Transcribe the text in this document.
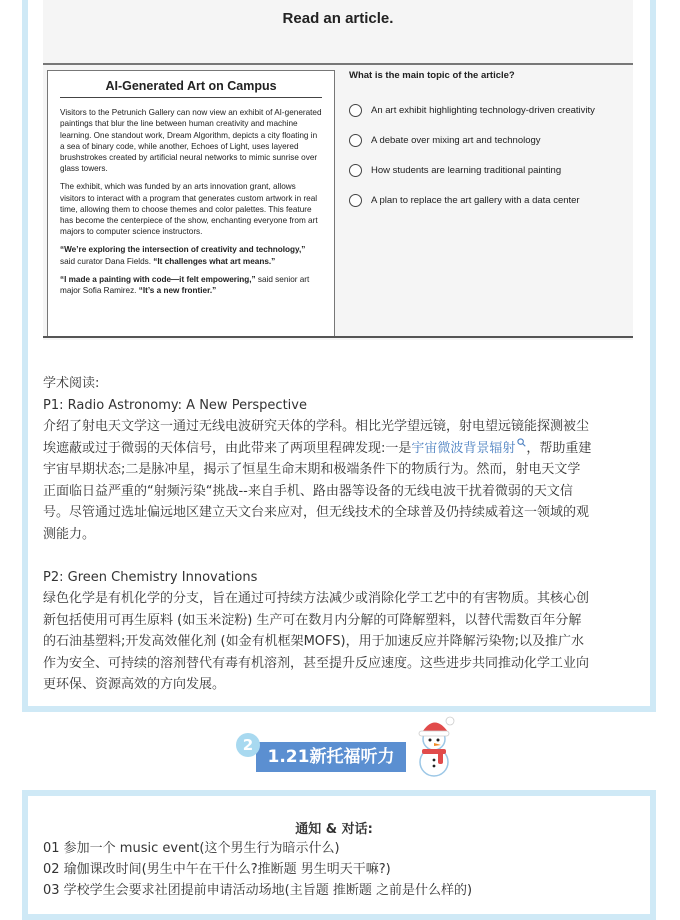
Read an article.
AI-Generated Art on Campus

Visitors to the Petrunich Gallery can now view an exhibit of AI-generated paintings that blur the line between human creativity and machine learning. One standout work, Dream Algorithm, depicts a city floating in a sea of binary code, while another, Echoes of Light, uses layered brushstrokes created by artificial neural networks to mimic sunrise over glass towers.

The exhibit, which was funded by an arts innovation grant, allows visitors to interact with a program that generates custom artwork in real time, allowing them to choose themes and color palettes. This feature has become the centerpiece of the show, enchanting everyone from art majors to computer science instructors.

“We’re exploring the intersection of creativity and technology,” said curator Dana Fields. “It challenges what art means.”

“I made a painting with code—it felt empowering,” said senior art major Sofia Ramirez. “It’s a new frontier.”

What is the main topic of the article?
An art exhibit highlighting technology-driven creativity
A debate over mixing art and technology
How students are learning traditional painting
A plan to replace the art gallery with a data center
学术阅读:
P1: Radio Astronomy: A New Perspective
介绍了射电天文学这一通过无线电波研究天体的学科。相比光学望远镜，射电望远镜能探测被尘
埃遮蔽或过于微弱的天体信号，由此带来了两项里程碑发现:一是宇宙微波背景辐射 ，帮助重建
宇宙早期状态;二是脉冲星，揭示了恒星生命末期和极端条件下的物质行为。然而，射电天文学
正面临日益严重的“射频污染“挑战--来自手机、路由器等设备的无线电波干扰着微弱的天文信
号。尽管通过选址偏远地区建立天文台来应对，但无线技术的全球普及仍持续威着这一领域的观
测能力。
P2: Green Chemistry Innovations
绿色化学是有机化学的分支，旨在通过可持续方法减少或消除化学工艺中的有害物质。其核心创
新包括使用可再生原料 (如玉米淀粉) 生产可在数月内分解的可降解塑料，以替代需数百年分解
的石油基塑料;开发高效催化剂 (如金有机框架MOFS)，用于加速反应并降解污染物;以及推广水
作为安全、可持续的溶剂替代有毒有机溶剂，甚至提升反应速度。这些进步共同推动化学工业向
更环保、资源高效的方向发展。
1.21新托福听力
2
通知 & 对话:
01 参加一个 music event(这个男生行为暗示什么)
02 瑜伽课改时间(男生中午在干什么?推断题 男生明天干嘛?)
03 学校学生会要求社团提前申请活动场地(主旨题 推断题 之前是什么样的)
